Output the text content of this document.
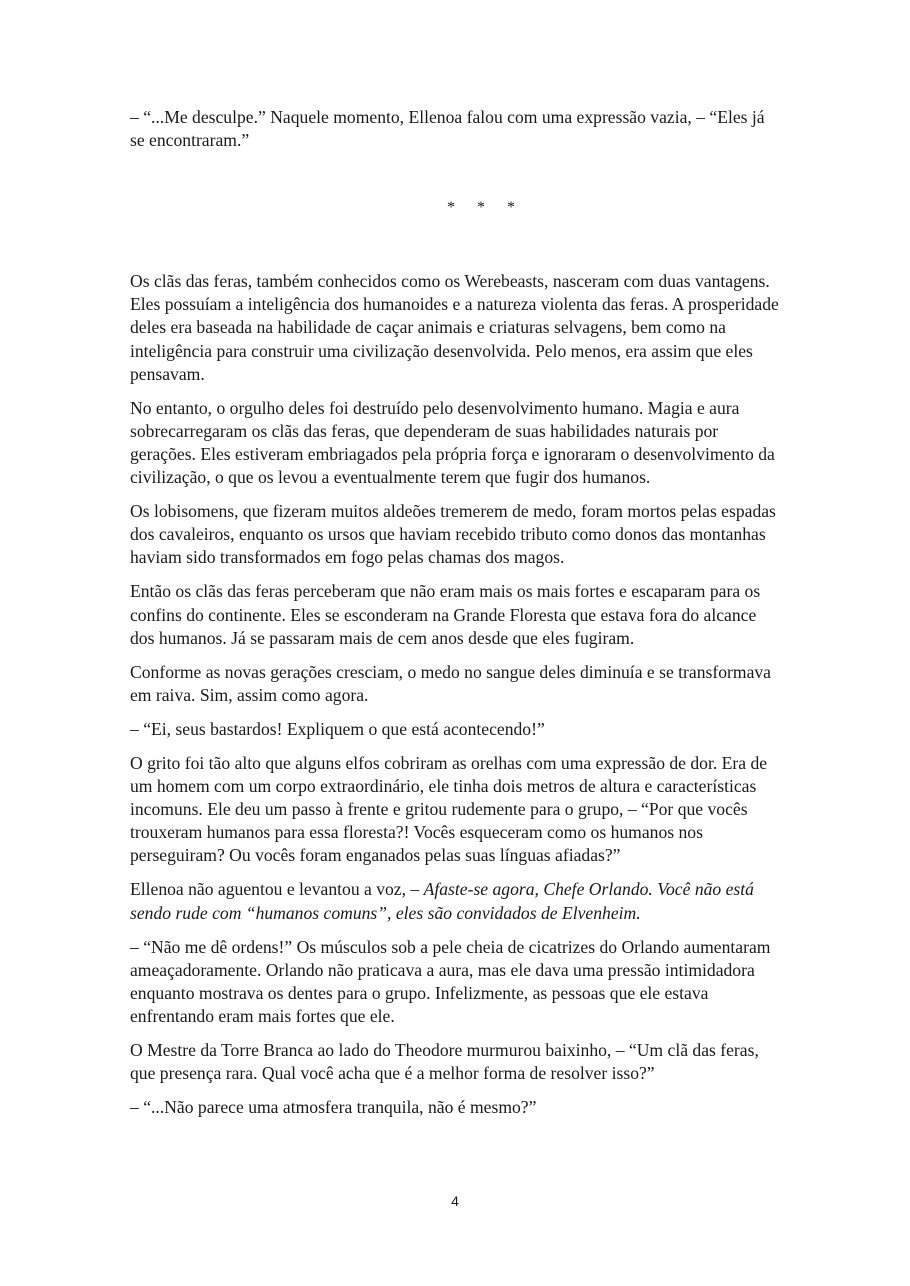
– “...Me desculpe.” Naquele momento, Ellenoa falou com uma expressão vazia, – “Eles já se encontraram.”

* * *

Os clãs das feras, também conhecidos como os Werebeasts, nasceram com duas vantagens. Eles possuíam a inteligência dos humanoides e a natureza violenta das feras. A prosperidade deles era baseada na habilidade de caçar animais e criaturas selvagens, bem como na inteligência para construir uma civilização desenvolvida. Pelo menos, era assim que eles pensavam.

No entanto, o orgulho deles foi destruído pelo desenvolvimento humano. Magia e aura sobrecarregaram os clãs das feras, que dependeram de suas habilidades naturais por gerações. Eles estiveram embriagados pela própria força e ignoraram o desenvolvimento da civilização, o que os levou a eventualmente terem que fugir dos humanos.

Os lobisomens, que fizeram muitos aldeões tremerem de medo, foram mortos pelas espadas dos cavaleiros, enquanto os ursos que haviam recebido tributo como donos das montanhas haviam sido transformados em fogo pelas chamas dos magos.

Então os clãs das feras perceberam que não eram mais os mais fortes e escaparam para os confins do continente. Eles se esconderam na Grande Floresta que estava fora do alcance dos humanos. Já se passaram mais de cem anos desde que eles fugiram.

Conforme as novas gerações cresciam, o medo no sangue deles diminuía e se transformava em raiva. Sim, assim como agora.

– “Ei, seus bastardos! Expliquem o que está acontecendo!”

O grito foi tão alto que alguns elfos cobriram as orelhas com uma expressão de dor. Era de um homem com um corpo extraordinário, ele tinha dois metros de altura e características incomuns. Ele deu um passo à frente e gritou rudemente para o grupo, – “Por que vocês trouxeram humanos para essa floresta?! Vocês esqueceram como os humanos nos perseguiram? Ou vocês foram enganados pelas suas línguas afiadas?”

Ellenoa não aguentou e levantou a voz, – Afaste-se agora, Chefe Orlando. Você não está sendo rude com “humanos comuns”, eles são convidados de Elvenheim.

– “Não me dê ordens!” Os músculos sob a pele cheia de cicatrizes do Orlando aumentaram ameaçadoramente. Orlando não praticava a aura, mas ele dava uma pressão intimidadora enquanto mostrava os dentes para o grupo. Infelizmente, as pessoas que ele estava enfrentando eram mais fortes que ele.

O Mestre da Torre Branca ao lado do Theodore murmurou baixinho, – “Um clã das feras, que presença rara. Qual você acha que é a melhor forma de resolver isso?”

– “...Não parece uma atmosfera tranquila, não é mesmo?”

4
